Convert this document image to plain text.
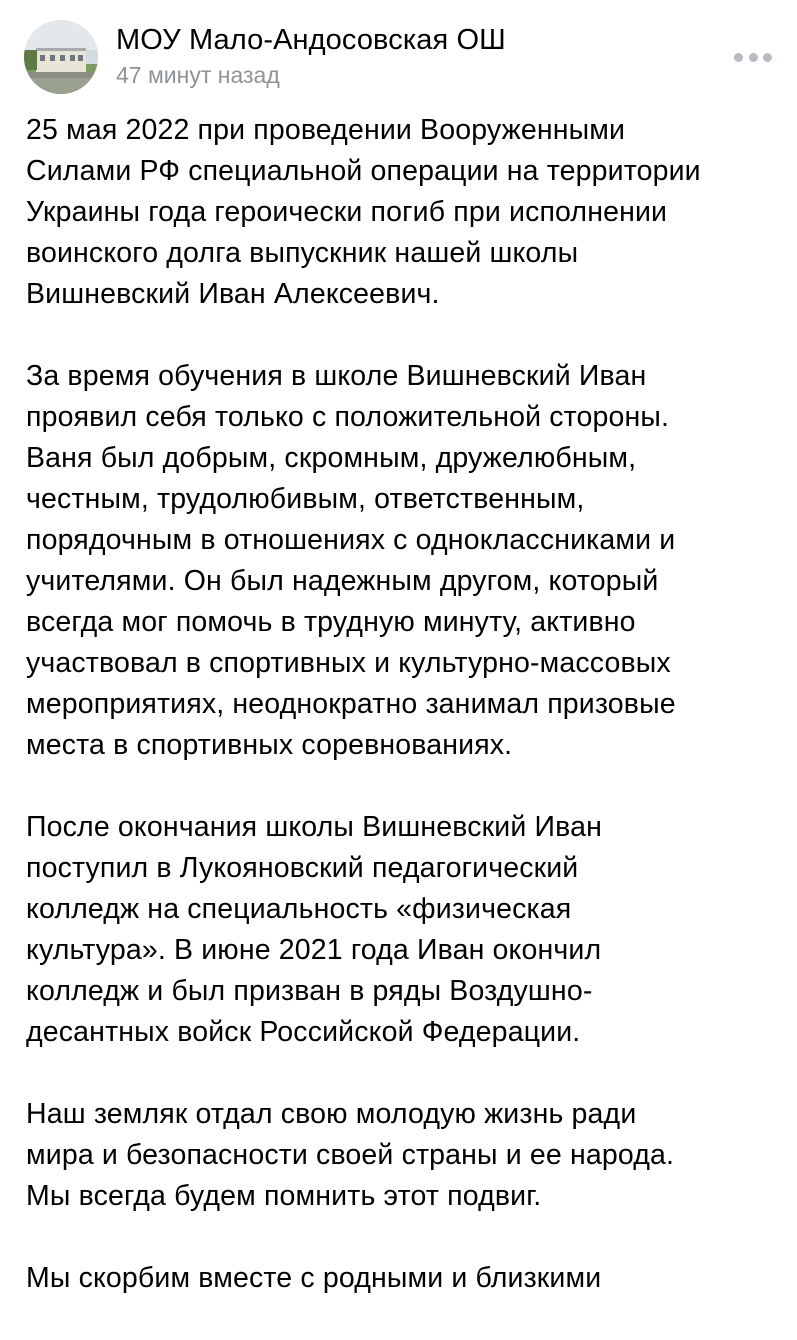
МОУ Мало-Андосовская ОШ
47 минут назад

25 мая 2022 при проведении Вооруженными
Силами РФ специальной операции на территории
Украины года героически погиб при исполнении
воинского долга выпускник нашей школы
Вишневский Иван Алексеевич.

За время обучения в школе Вишневский Иван
проявил себя только с положительной стороны.
Ваня был добрым, скромным, дружелюбным,
честным, трудолюбивым, ответственным,
порядочным в отношениях с одноклассниками и
учителями. Он был надежным другом, который
всегда мог помочь в трудную минуту, активно
участвовал в спортивных и культурно-массовых
мероприятиях, неоднократно занимал призовые
места в спортивных соревнованиях.

После окончания школы Вишневский Иван
поступил в Лукояновский педагогический
колледж на специальность «физическая
культура». В июне 2021 года Иван окончил
колледж и был призван в ряды Воздушно-
десантных войск Российской Федерации.

Наш земляк отдал свою молодую жизнь ради
мира и безопасности своей страны и ее народа.
Мы всегда будем помнить этот подвиг.

Мы скорбим вместе с родными и близкими
